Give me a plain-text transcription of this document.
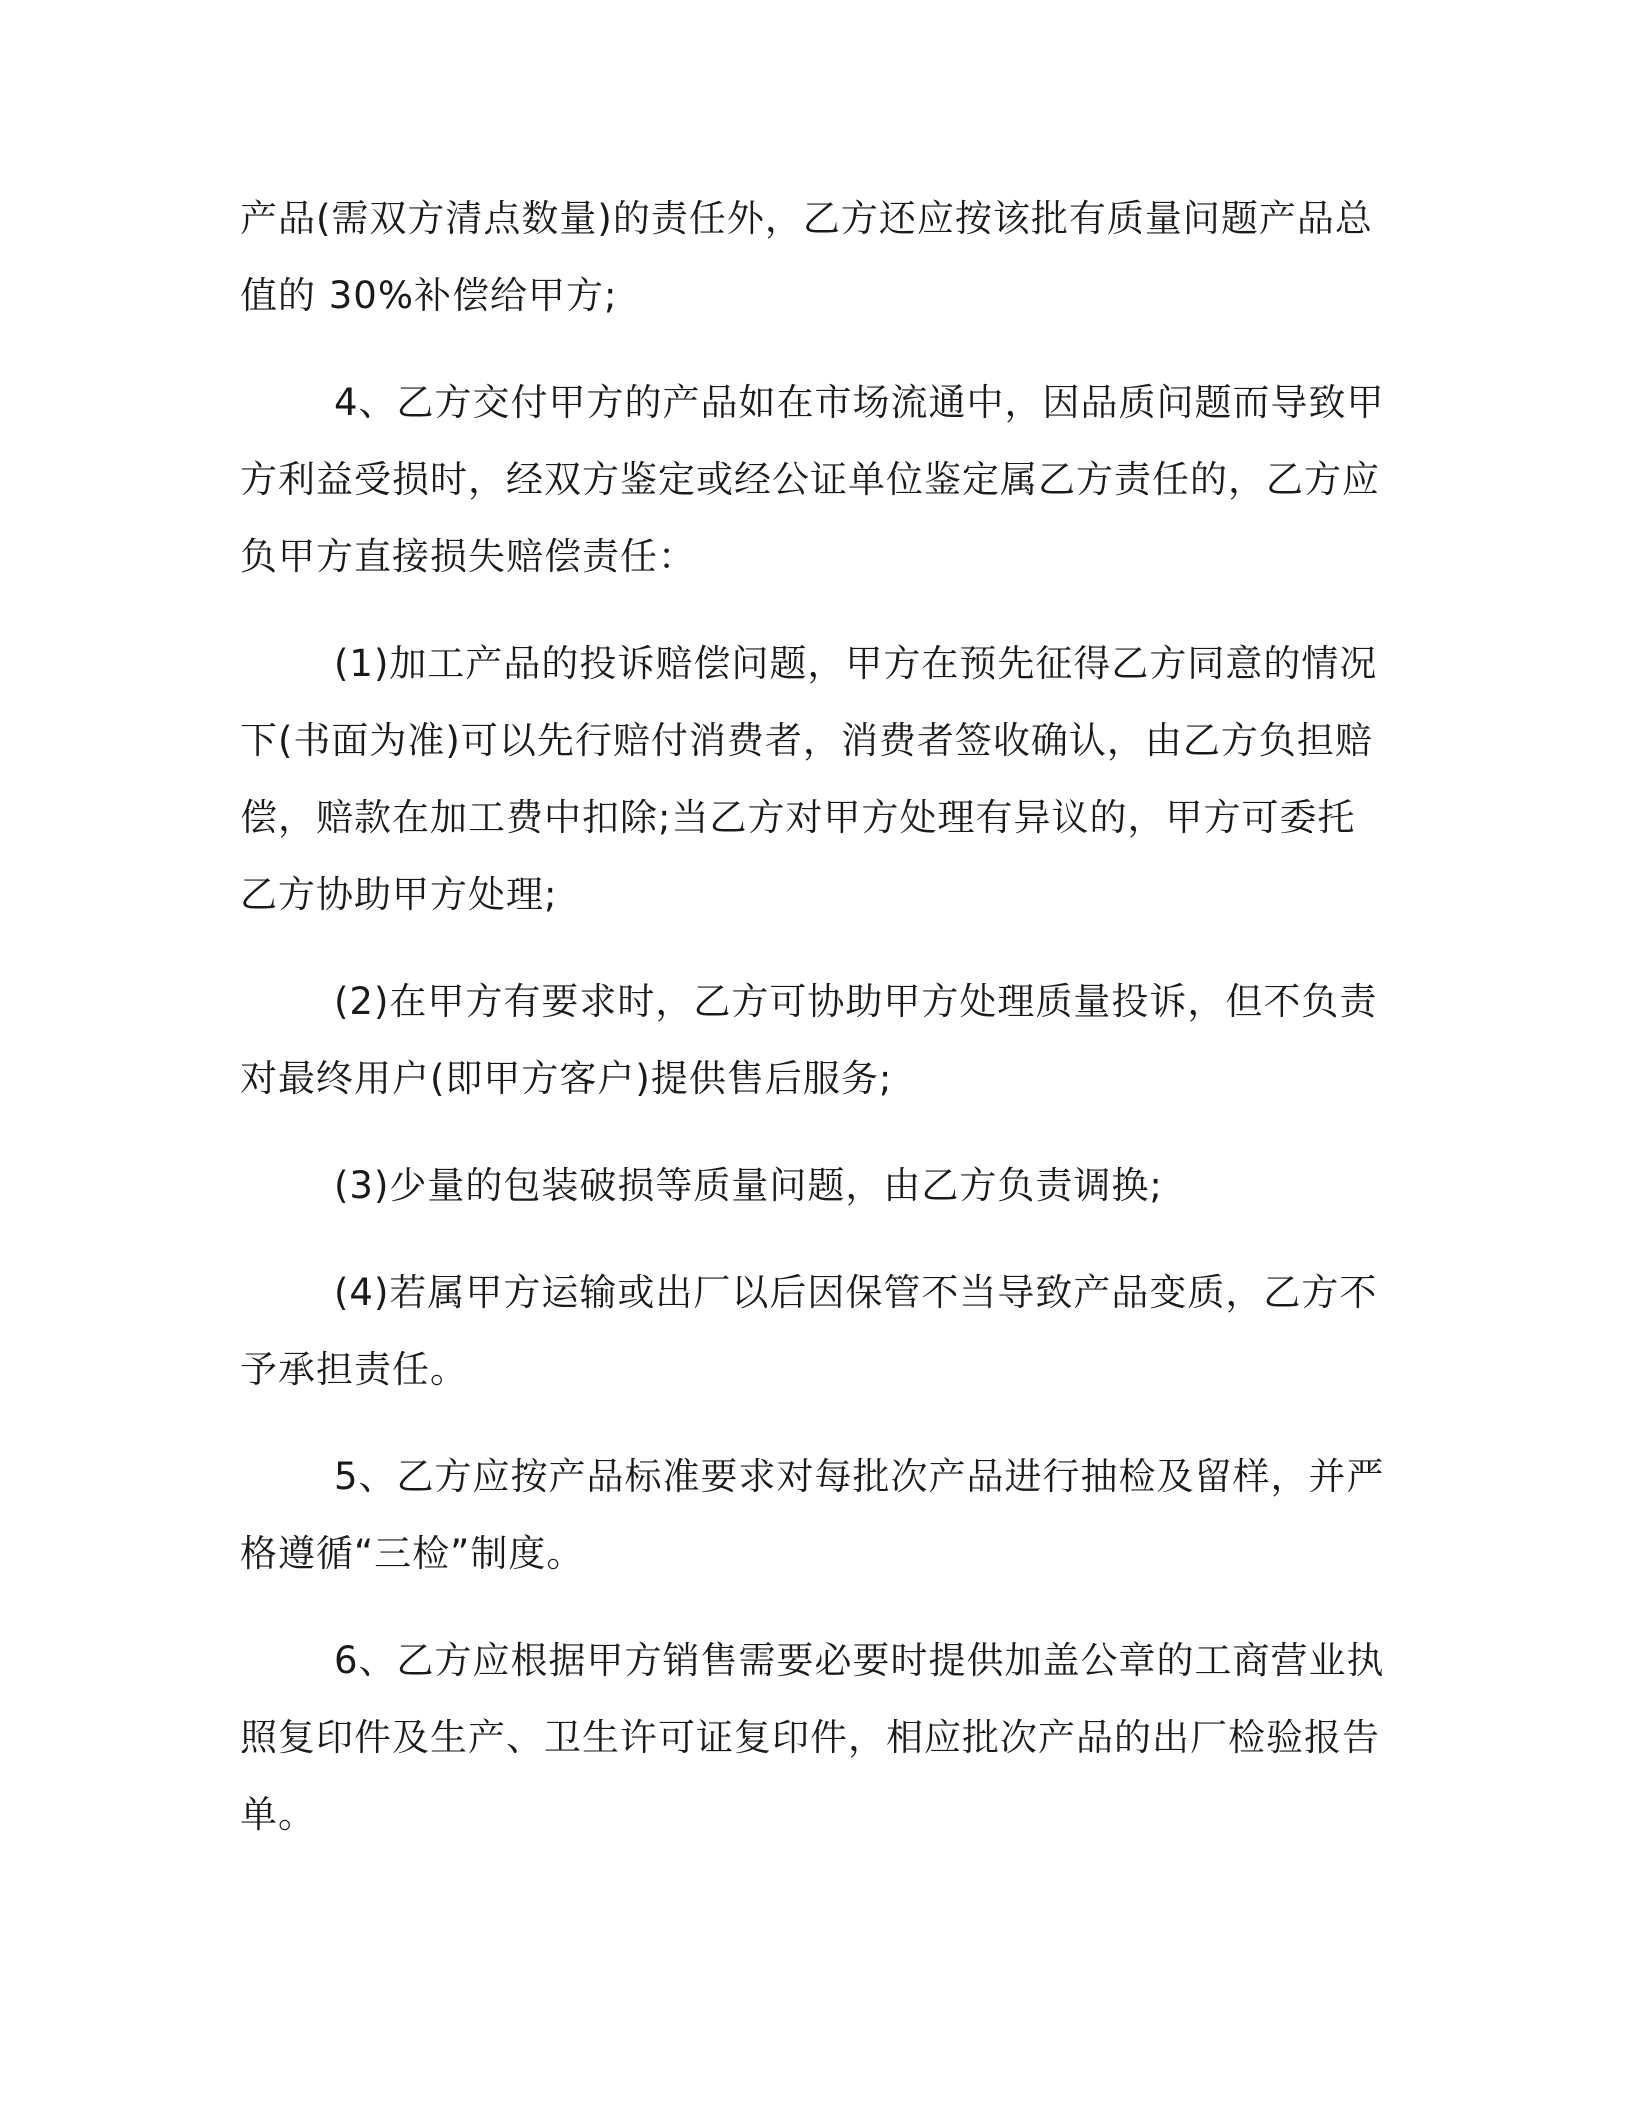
产品(需双方清点数量)的责任外，乙方还应按该批有质量问题产品总值的 30%补偿给甲方;

4、乙方交付甲方的产品如在市场流通中，因品质问题而导致甲方利益受损时，经双方鉴定或经公证单位鉴定属乙方责任的，乙方应负甲方直接损失赔偿责任：

(1)加工产品的投诉赔偿问题，甲方在预先征得乙方同意的情况下(书面为准)可以先行赔付消费者，消费者签收确认，由乙方负担赔偿，赔款在加工费中扣除;当乙方对甲方处理有异议的，甲方可委托乙方协助甲方处理;

(2)在甲方有要求时，乙方可协助甲方处理质量投诉，但不负责对最终用户(即甲方客户)提供售后服务;

(3)少量的包装破损等质量问题，由乙方负责调换;

(4)若属甲方运输或出厂以后因保管不当导致产品变质，乙方不予承担责任。

5、乙方应按产品标准要求对每批次产品进行抽检及留样，并严格遵循“三检”制度。

6、乙方应根据甲方销售需要必要时提供加盖公章的工商营业执照复印件及生产、卫生许可证复印件，相应批次产品的出厂检验报告单。
